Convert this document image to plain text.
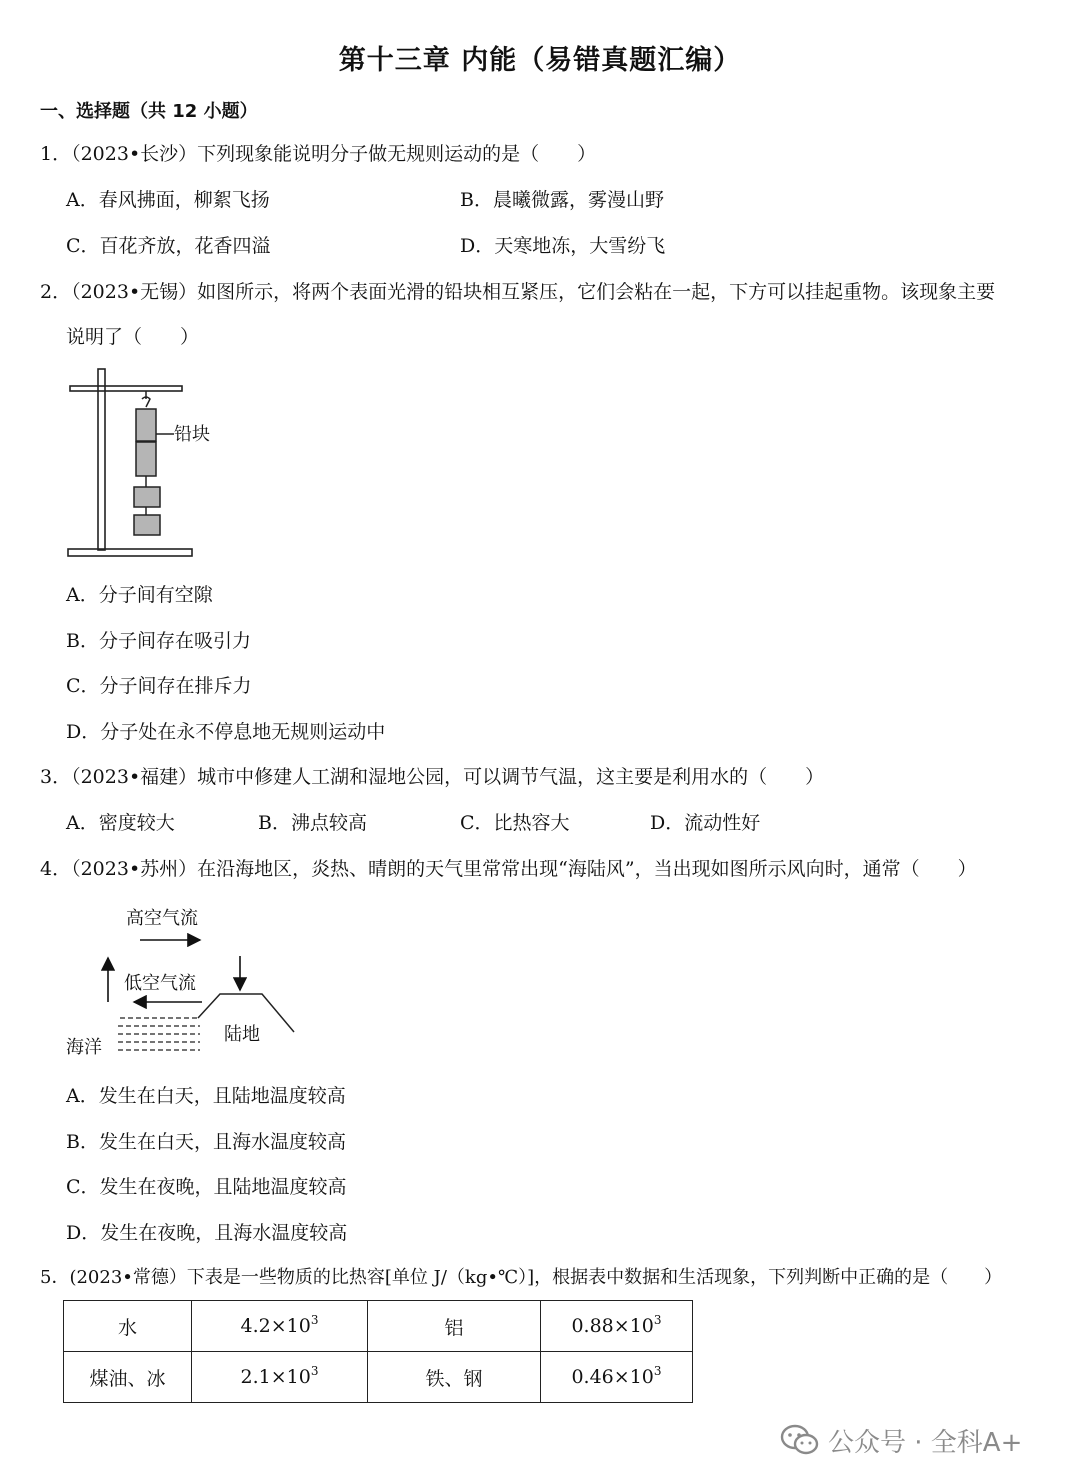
第十三章 内能（易错真题汇编）
一、选择题（共 12 小题）
1．（2023•长沙）下列现象能说明分子做无规则运动的是（　　）
A．春风拂面，柳絮飞扬	B．晨曦微露，雾漫山野
C．百花齐放，花香四溢	D．天寒地冻，大雪纷飞
2．（2023•无锡）如图所示，将两个表面光滑的铅块相互紧压，它们会粘在一起，下方可以挂起重物。该现象主要
说明了（　　）
铅块
A．分子间有空隙
B．分子间存在吸引力
C．分子间存在排斥力
D．分子处在永不停息地无规则运动中
3．（2023•福建）城市中修建人工湖和湿地公园，可以调节气温，这主要是利用水的（　　）
A．密度较大	B．沸点较高	C．比热容大	D．流动性好
4．（2023•苏州）在沿海地区，炎热、晴朗的天气里常常出现“海陆风”，当出现如图所示风向时，通常（　　）
高空气流
低空气流
海洋
陆地
A．发生在白天，且陆地温度较高
B．发生在白天，且海水温度较高
C．发生在夜晚，且陆地温度较高
D．发生在夜晚，且海水温度较高
5．(2023•常德）下表是一些物质的比热容[单位 J/（kg•℃）]，根据表中数据和生活现象，下列判断中正确的是（　　）
水	$4.2\times 10^3$	铝	$0.88\times 10^3$
煤油、冰	$2.1\times 10^3$	铁、钢	$0.46\times 10^3$
公众号 · 全科A+
